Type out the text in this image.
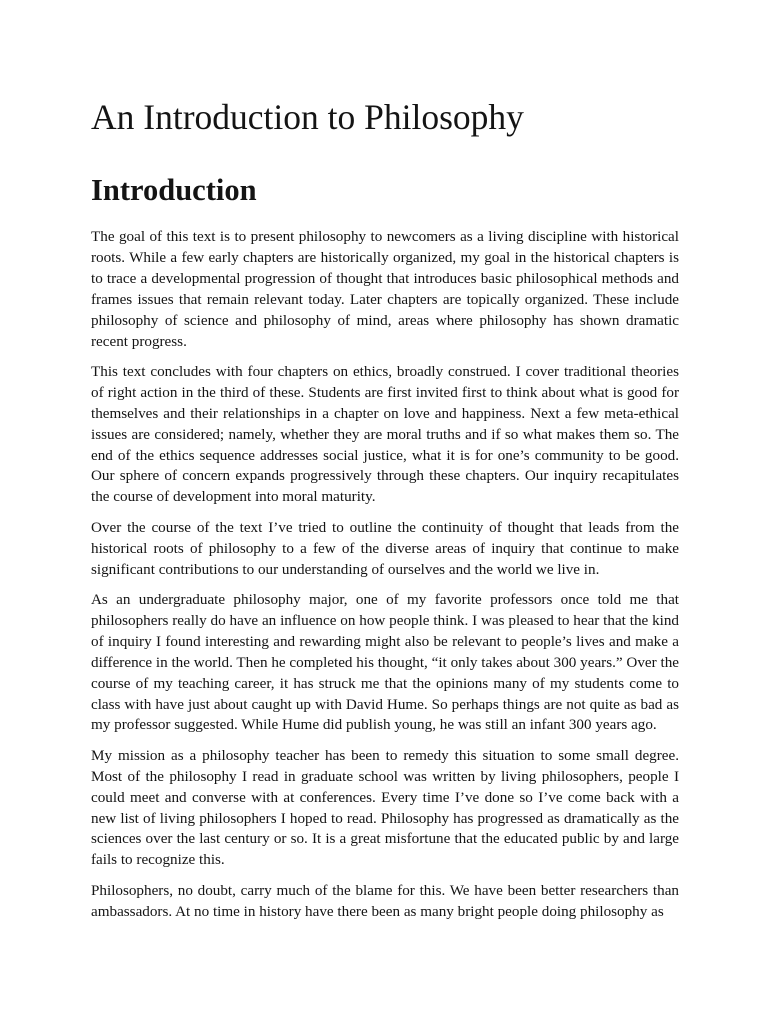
An Introduction to Philosophy
Introduction

The goal of this text is to present philosophy to newcomers as a living discipline with historical roots. While a few early chapters are historically organized, my goal in the historical chapters is to trace a developmental progression of thought that introduces basic philosophical methods and frames issues that remain relevant today. Later chapters are topically organized. These include philosophy of science and philosophy of mind, areas where philosophy has shown dramatic recent progress.

This text concludes with four chapters on ethics, broadly construed. I cover traditional theories of right action in the third of these. Students are first invited first to think about what is good for themselves and their relationships in a chapter on love and happiness. Next a few meta-ethical issues are considered; namely, whether they are moral truths and if so what makes them so. The end of the ethics sequence addresses social justice, what it is for one’s community to be good. Our sphere of concern expands progressively through these chapters. Our inquiry recapitulates the course of development into moral maturity.

Over the course of the text I’ve tried to outline the continuity of thought that leads from the historical roots of philosophy to a few of the diverse areas of inquiry that continue to make significant contributions to our understanding of ourselves and the world we live in.

As an undergraduate philosophy major, one of my favorite professors once told me that philosophers really do have an influence on how people think. I was pleased to hear that the kind of inquiry I found interesting and rewarding might also be relevant to people’s lives and make a difference in the world. Then he completed his thought, “it only takes about 300 years.” Over the course of my teaching career, it has struck me that the opinions many of my students come to class with have just about caught up with David Hume. So perhaps things are not quite as bad as my professor suggested. While Hume did publish young, he was still an infant 300 years ago.

My mission as a philosophy teacher has been to remedy this situation to some small degree. Most of the philosophy I read in graduate school was written by living philosophers, people I could meet and converse with at conferences. Every time I’ve done so I’ve come back with a new list of living philosophers I hoped to read. Philosophy has progressed as dramatically as the sciences over the last century or so. It is a great misfortune that the educated public by and large fails to recognize this.

Philosophers, no doubt, carry much of the blame for this. We have been better researchers than ambassadors. At no time in history have there been as many bright people doing philosophy as
